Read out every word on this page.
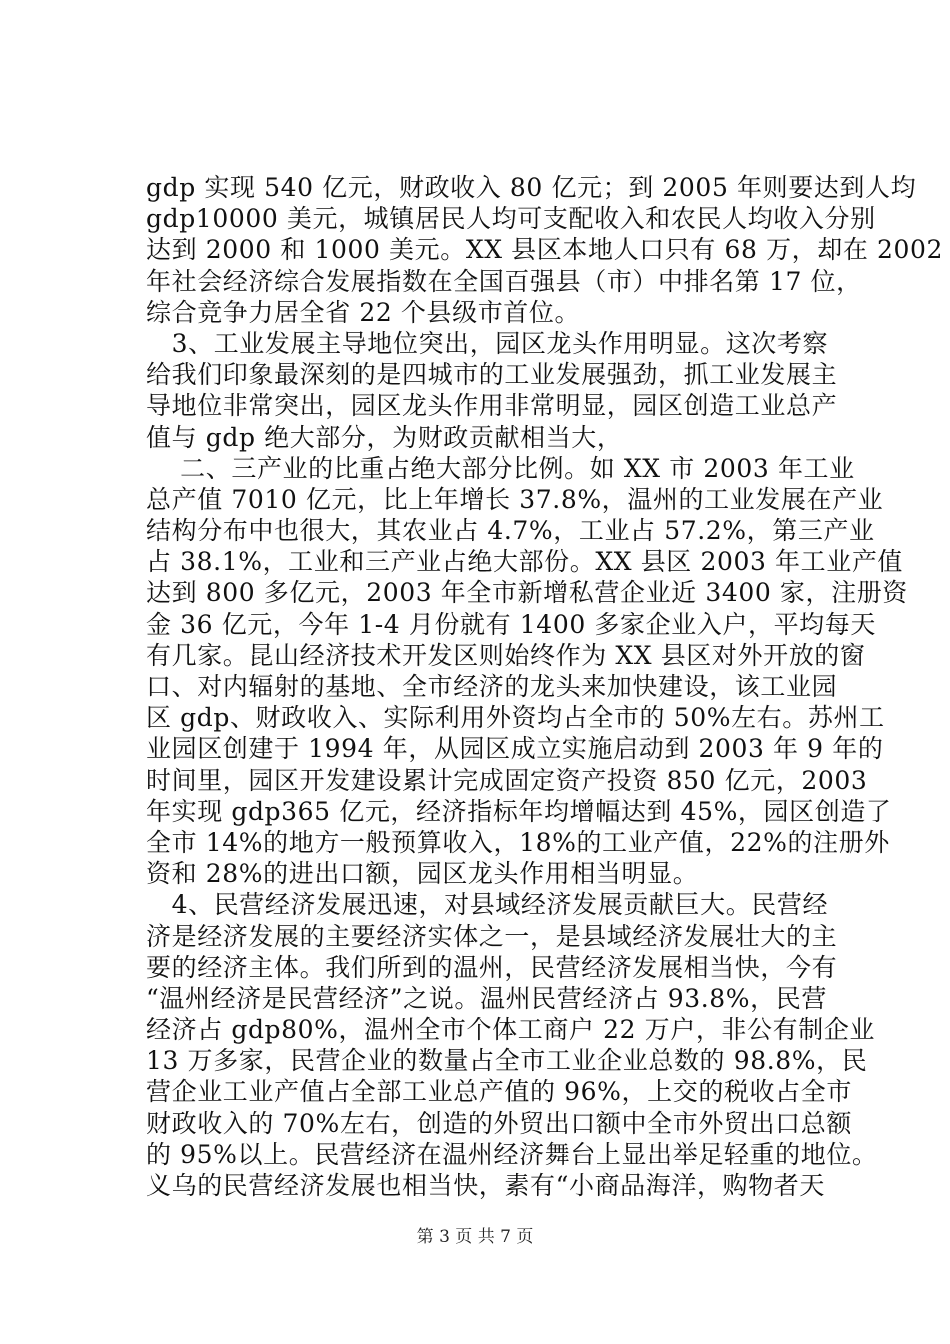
gdp 实现 540 亿元，财政收入 80 亿元；到 2005 年则要达到人均
gdp10000 美元，城镇居民人均可支配收入和农民人均收入分别
达到 2000 和 1000 美元。XX 县区本地人口只有 68 万，却在 2002
年社会经济综合发展指数在全国百强县（市）中排名第 17 位，
综合竞争力居全省 22 个县级市首位。
　3、工业发展主导地位突出，园区龙头作用明显。这次考察
给我们印象最深刻的是四城市的工业发展强劲，抓工业发展主
导地位非常突出，园区龙头作用非常明显，园区创造工业总产
值与 gdp 绝大部分，为财政贡献相当大，
　 二、三产业的比重占绝大部分比例。如 XX 市 2003 年工业
总产值 7010 亿元，比上年增长 37.8%，温州的工业发展在产业
结构分布中也很大，其农业占 4.7%，工业占 57.2%，第三产业
占 38.1%，工业和三产业占绝大部份。XX 县区 2003 年工业产值
达到 800 多亿元，2003 年全市新增私营企业近 3400 家，注册资
金 36 亿元，今年 1-4 月份就有 1400 多家企业入户，平均每天
有几家。昆山经济技术开发区则始终作为 XX 县区对外开放的窗
口、对内辐射的基地、全市经济的龙头来加快建设，该工业园
区 gdp、财政收入、实际利用外资均占全市的 50%左右。苏州工
业园区创建于 1994 年，从园区成立实施启动到 2003 年 9 年的
时间里，园区开发建设累计完成固定资产投资 850 亿元，2003
年实现 gdp365 亿元，经济指标年均增幅达到 45%，园区创造了
全市 14%的地方一般预算收入，18%的工业产值，22%的注册外
资和 28%的进出口额，园区龙头作用相当明显。
　4、民营经济发展迅速，对县域经济发展贡献巨大。民营经
济是经济发展的主要经济实体之一，是县域经济发展壮大的主
要的经济主体。我们所到的温州，民营经济发展相当快，今有
“温州经济是民营经济”之说。温州民营经济占 93.8%，民营
经济占 gdp80%，温州全市个体工商户 22 万户，非公有制企业
13 万多家，民营企业的数量占全市工业企业总数的 98.8%，民
营企业工业产值占全部工业总产值的 96%，上交的税收占全市
财政收入的 70%左右，创造的外贸出口额中全市外贸出口总额
的 95%以上。民营经济在温州经济舞台上显出举足轻重的地位。
义乌的民营经济发展也相当快，素有“小商品海洋，购物者天
第 3 页 共 7 页
